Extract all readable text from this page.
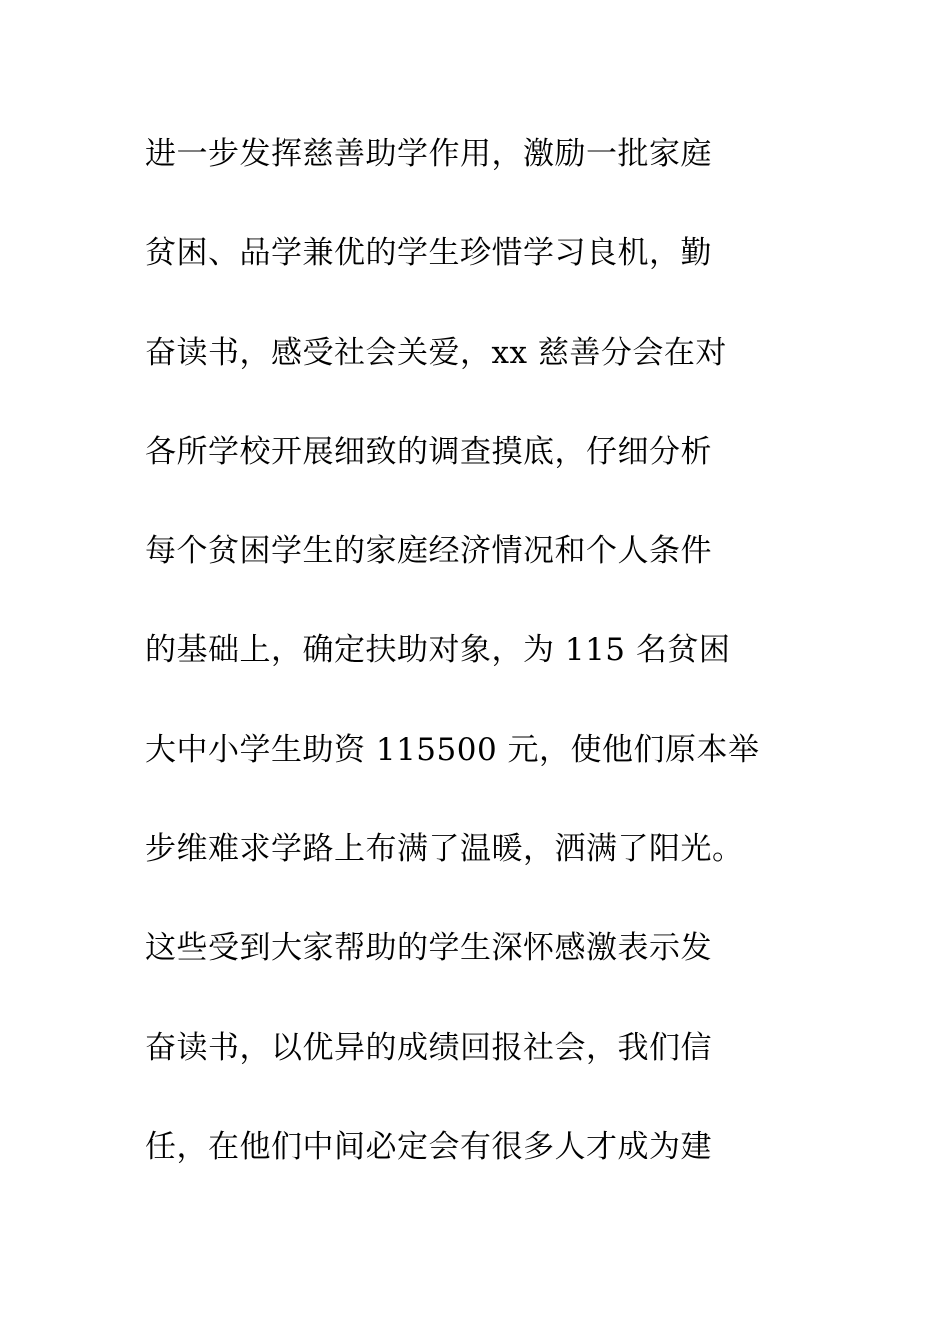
进一步发挥慈善助学作用，激励一批家庭
贫困、品学兼优的学生珍惜学习良机，勤
奋读书，感受社会关爱，xx 慈善分会在对
各所学校开展细致的调查摸底，仔细分析
每个贫困学生的家庭经济情况和个人条件
的基础上，确定扶助对象，为 115 名贫困
大中小学生助资 115500 元，使他们原本举
步维难求学路上布满了温暖，洒满了阳光。
这些受到大家帮助的学生深怀感激表示发
奋读书，以优异的成绩回报社会，我们信
任，在他们中间必定会有很多人才成为建
